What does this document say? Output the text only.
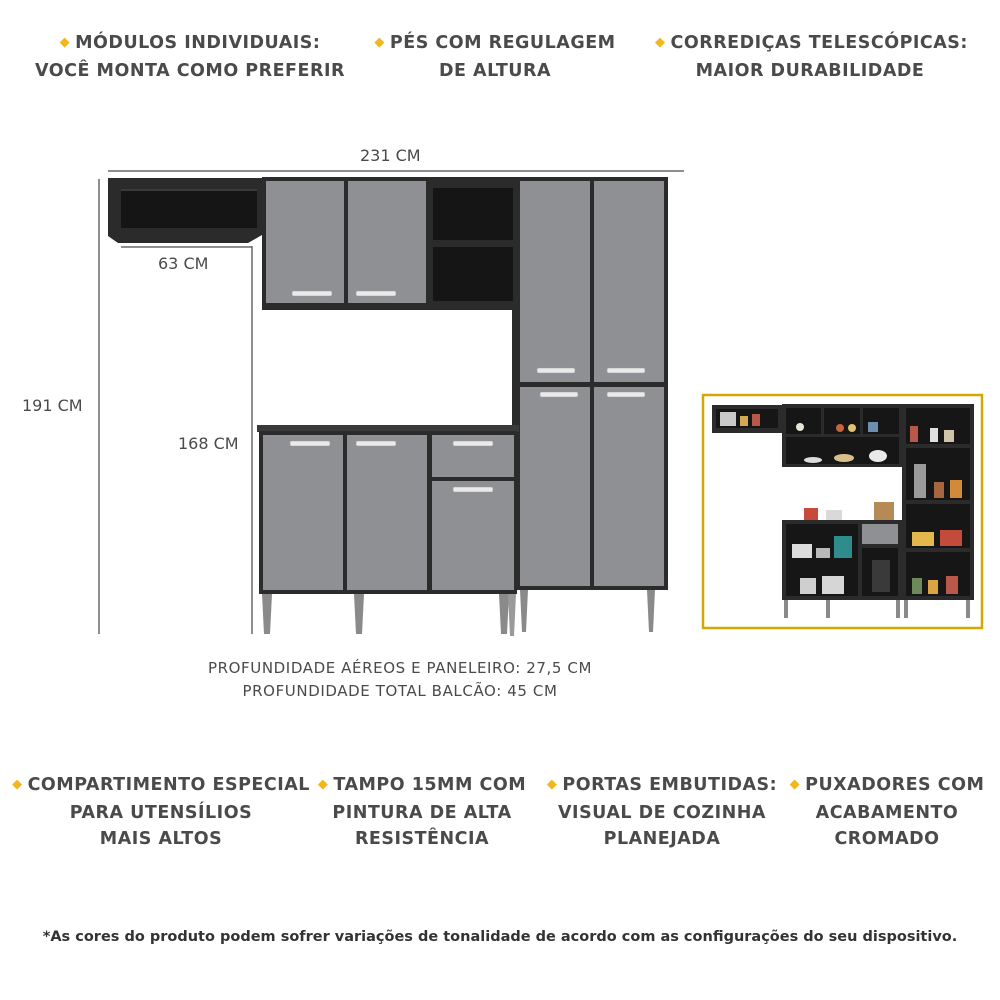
◆ MÓDULOS INDIVIDUAIS:
VOCÊ MONTA COMO PREFERIR
◆ PÉS COM REGULAGEM
DE ALTURA
◆ CORREDIÇAS TELESCÓPICAS:
MAIOR DURABILIDADE
231 CM
63 CM
191 CM
168 CM
PROFUNDIDADE AÉREOS E PANELEIRO: 27,5 CM
PROFUNDIDADE TOTAL BALCÃO: 45 CM
◆ COMPARTIMENTO ESPECIAL
PARA UTENSÍLIOS
MAIS ALTOS
◆ TAMPO 15MM COM
PINTURA DE ALTA
RESISTÊNCIA
◆ PORTAS EMBUTIDAS:
VISUAL DE COZINHA
PLANEJADA
◆ PUXADORES COM
ACABAMENTO
CROMADO
*As cores do produto podem sofrer variações de tonalidade de acordo com as configurações do seu dispositivo.
